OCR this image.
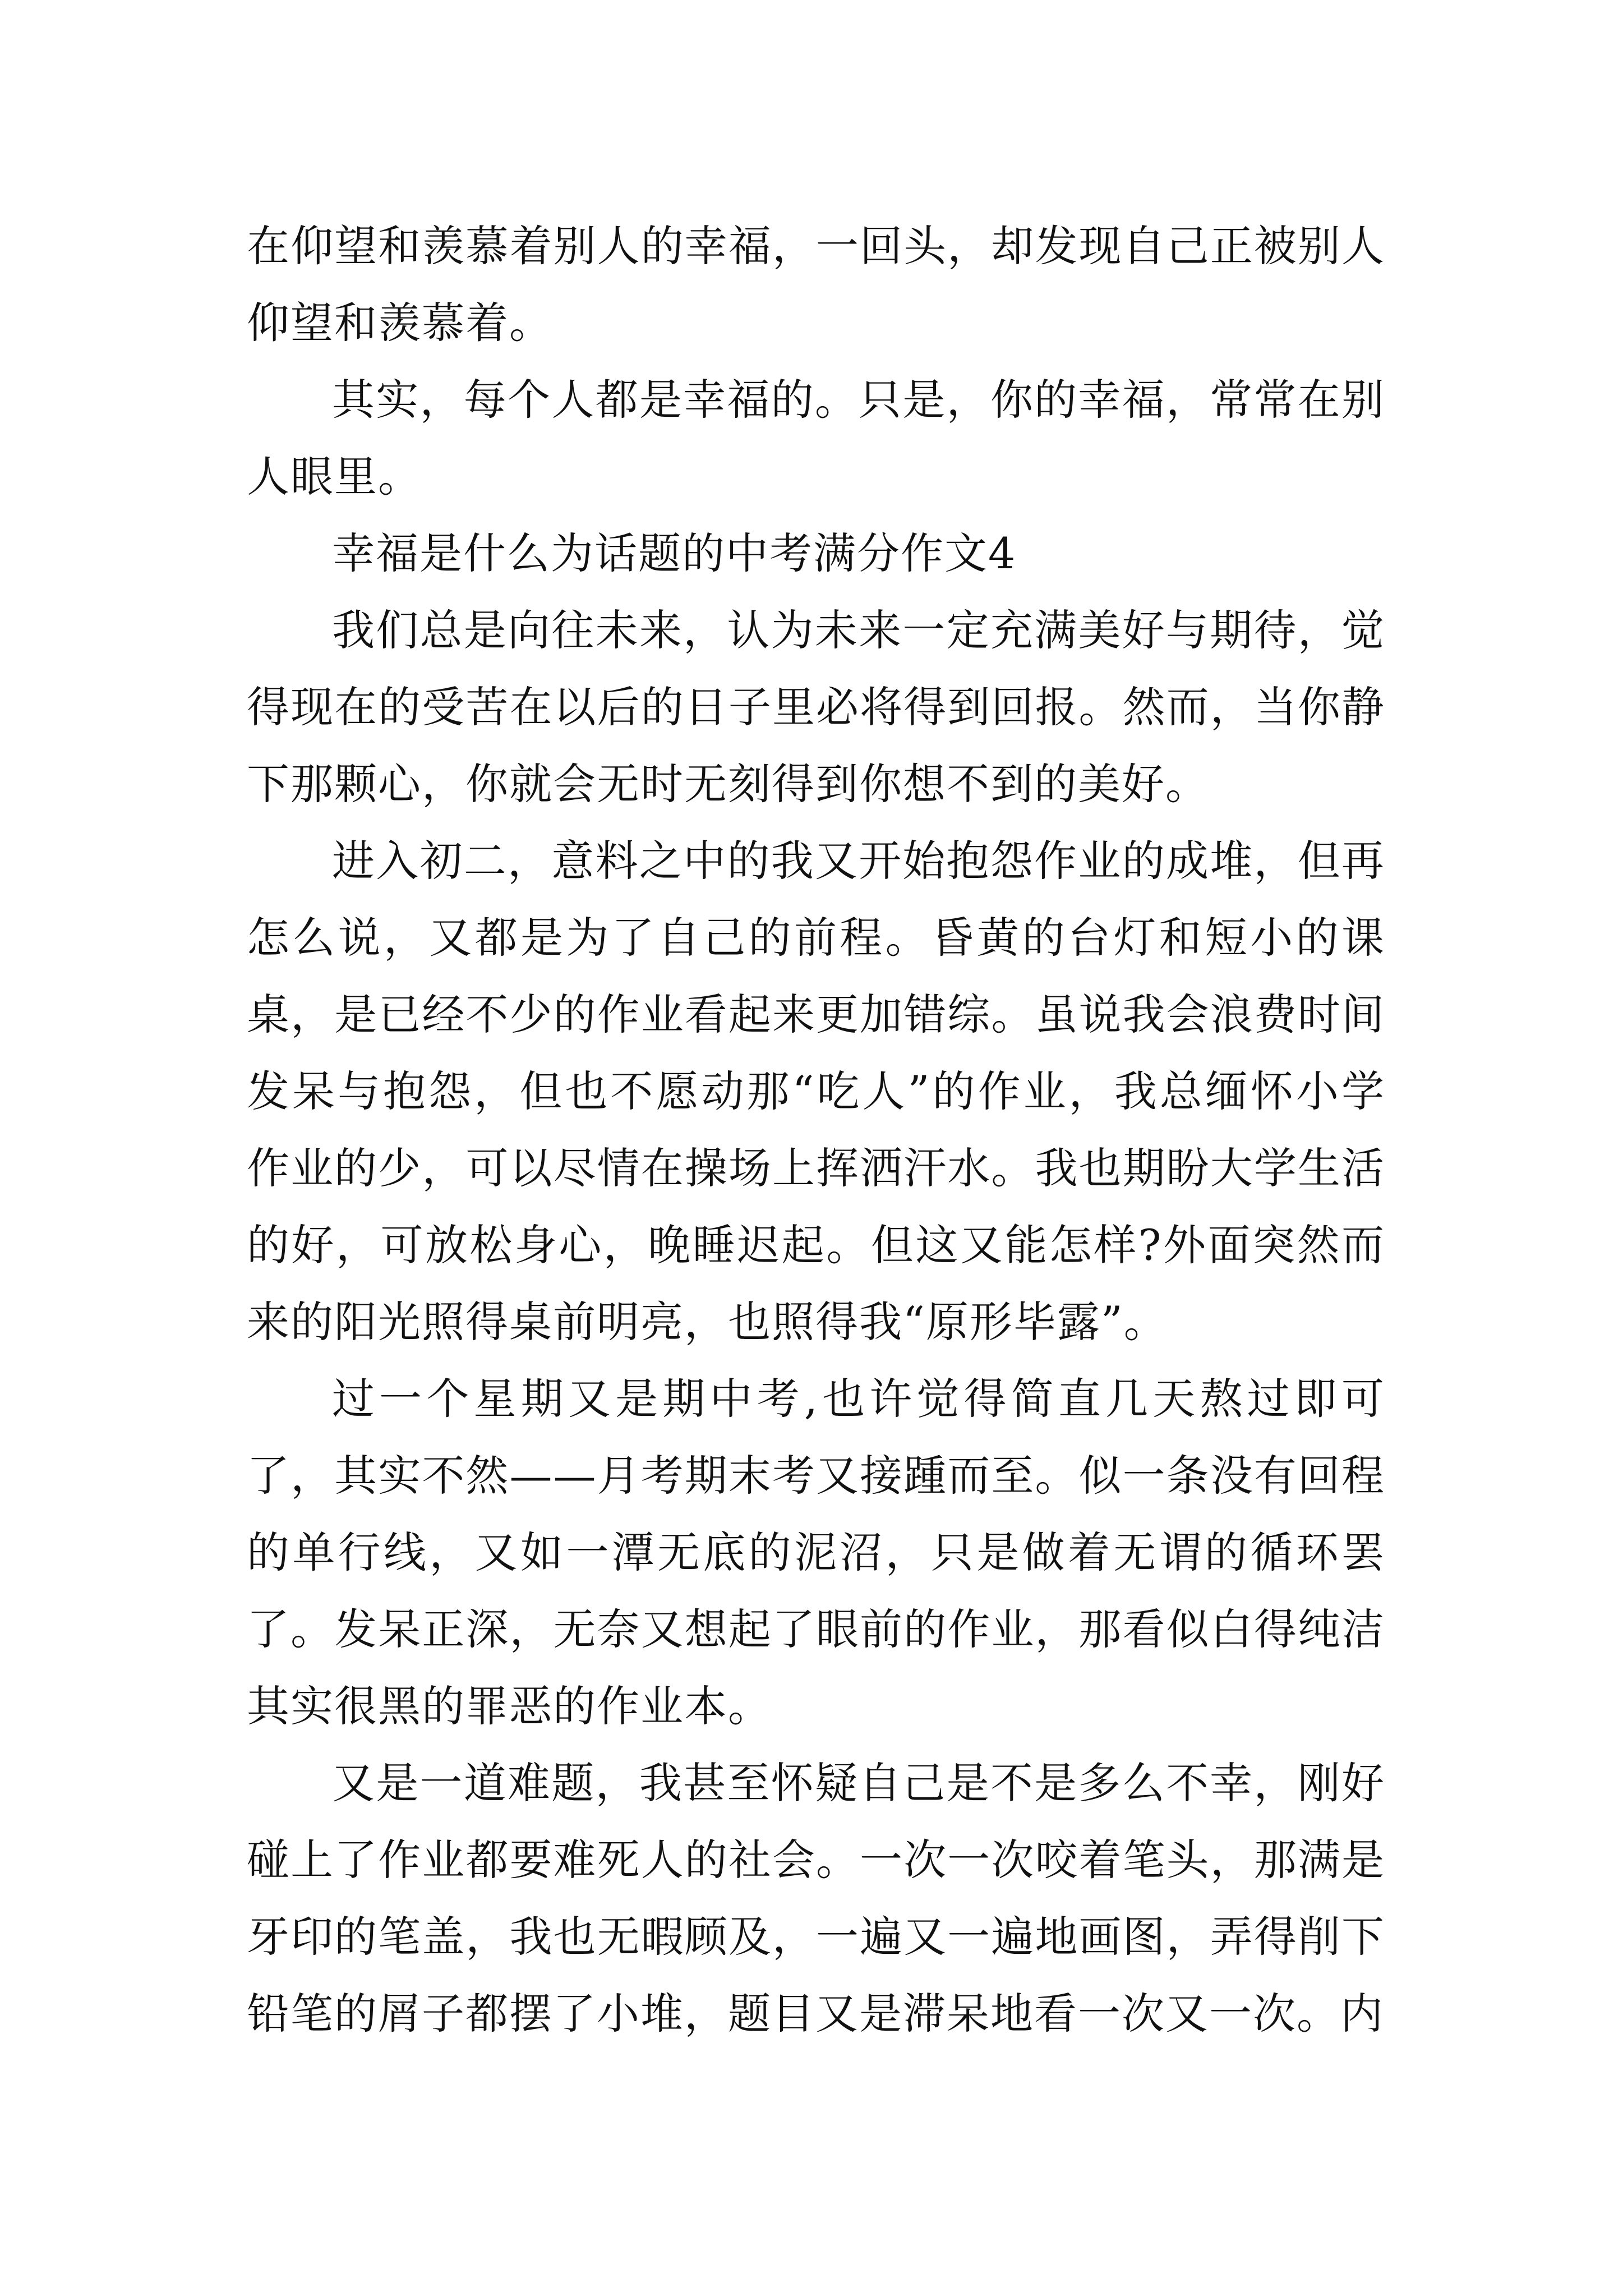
在仰望和羡慕着别人的幸福，一回头，却发现自己正被别人仰望和羡慕着。

其实，每个人都是幸福的。只是，你的幸福，常常在别人眼里。

幸福是什么为话题的中考满分作文4

我们总是向往未来，认为未来一定充满美好与期待，觉得现在的受苦在以后的日子里必将得到回报。然而，当你静下那颗心，你就会无时无刻得到你想不到的美好。

进入初二，意料之中的我又开始抱怨作业的成堆，但再怎么说，又都是为了自己的前程。昏黄的台灯和短小的课桌，是已经不少的作业看起来更加错综。虽说我会浪费时间发呆与抱怨，但也不愿动那“吃人”的作业，我总缅怀小学作业的少，可以尽情在操场上挥洒汗水。我也期盼大学生活的好，可放松身心，晚睡迟起。但这又能怎样?外面突然而来的阳光照得桌前明亮，也照得我“原形毕露”。

过一个星期又是期中考,也许觉得简直几天熬过即可了，其实不然——月考期末考又接踵而至。似一条没有回程的单行线，又如一潭无底的泥沼，只是做着无谓的循环罢了。发呆正深，无奈又想起了眼前的作业，那看似白得纯洁其实很黑的罪恶的作业本。

又是一道难题，我甚至怀疑自己是不是多么不幸，刚好碰上了作业都要难死人的社会。一次一次咬着笔头，那满是牙印的笔盖，我也无暇顾及，一遍又一遍地画图，弄得削下铅笔的屑子都摆了小堆，题目又是滞呆地看一次又一次。内
